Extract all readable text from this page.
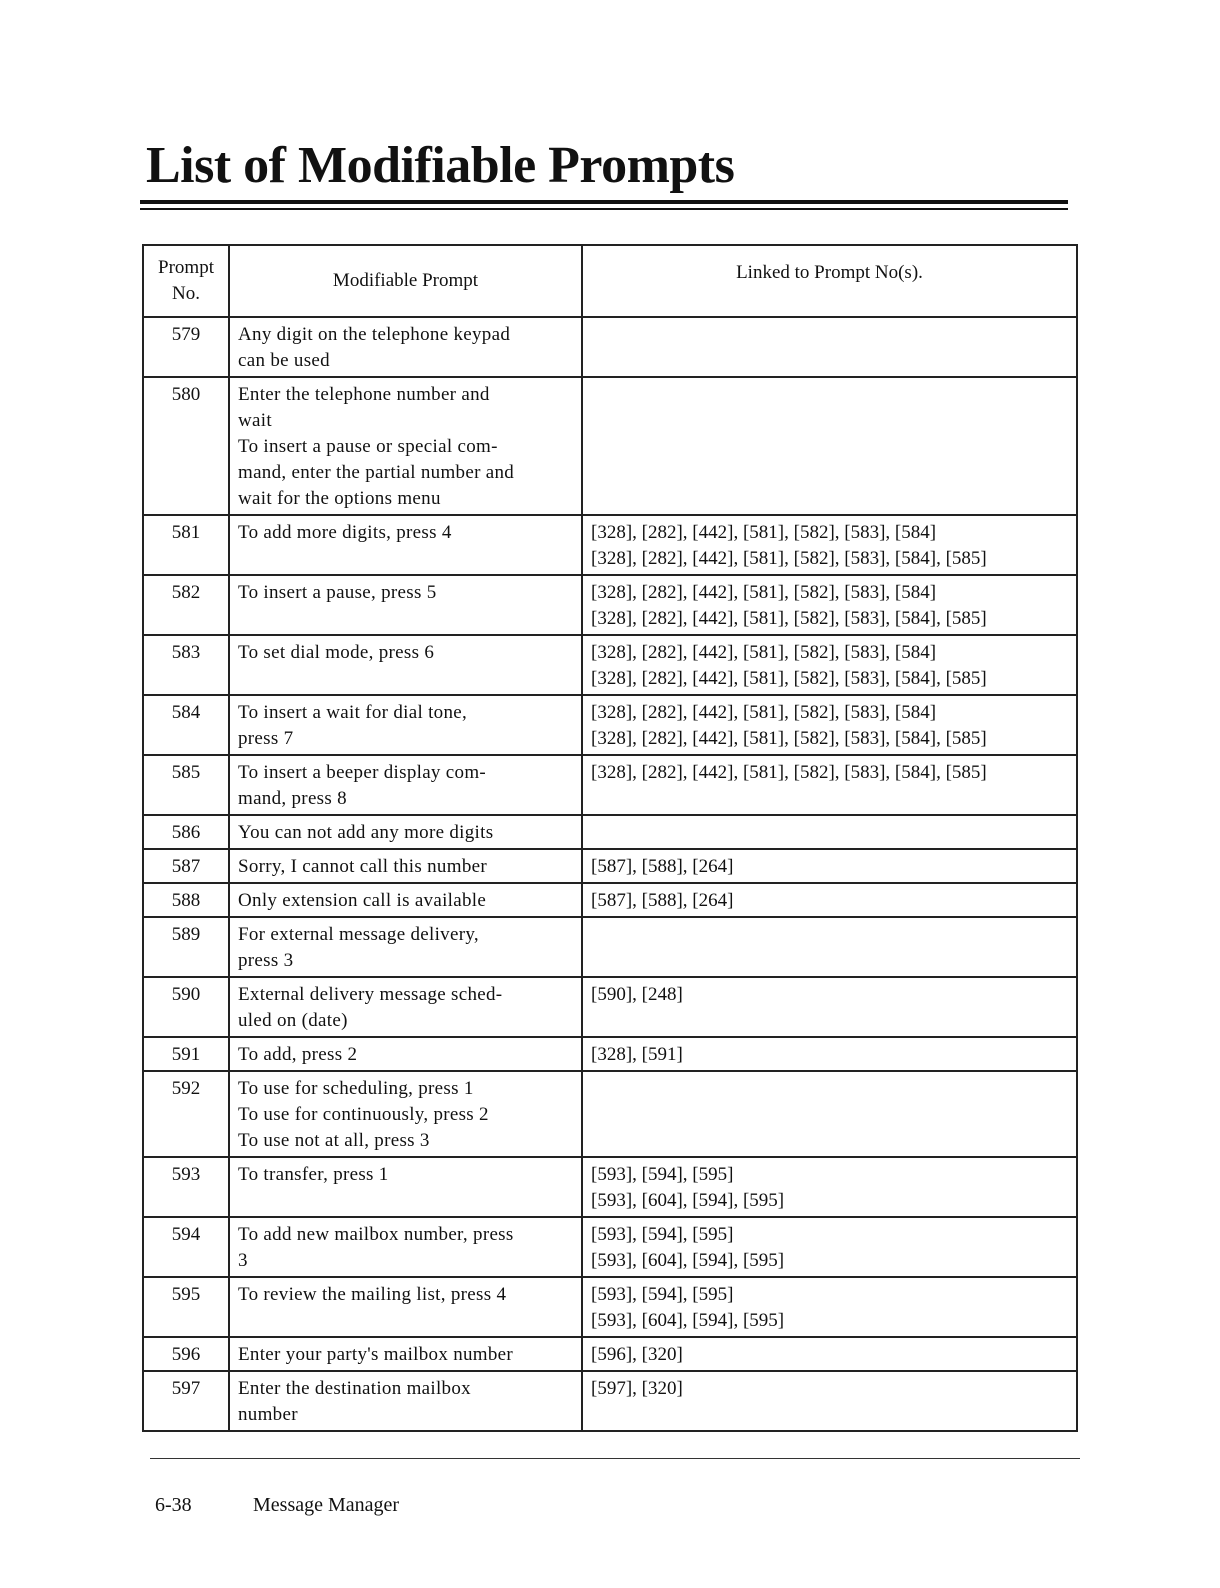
List of Modifiable Prompts
Prompt No.	Modifiable Prompt	Linked to Prompt No(s).
579	Any digit on the telephone keypad
can be used	

580	Enter the telephone number and
wait
To insert a pause or special com-
mand, enter the partial number and
wait for the options menu	

581	To add more digits, press 4	[328], [282], [442], [581], [582], [583], [584]
[328], [282], [442], [581], [582], [583], [584], [585]

582	To insert a pause, press 5	[328], [282], [442], [581], [582], [583], [584]
[328], [282], [442], [581], [582], [583], [584], [585]

583	To set dial mode, press 6	[328], [282], [442], [581], [582], [583], [584]
[328], [282], [442], [581], [582], [583], [584], [585]

584	To insert a wait for dial tone,
press 7	[328], [282], [442], [581], [582], [583], [584]
[328], [282], [442], [581], [582], [583], [584], [585]

585	To insert a beeper display com-
mand, press 8	[328], [282], [442], [581], [582], [583], [584], [585]

586	You can not add any more digits	

587	Sorry, I cannot call this number	[587], [588], [264]

588	Only extension call is available	[587], [588], [264]

589	For external message delivery,
press 3	

590	External delivery message sched-
uled on (date)	[590], [248]

591	To add, press 2	[328], [591]

592	To use for scheduling, press 1
To use for continuously, press 2
To use not at all, press 3	

593	To transfer, press 1	[593], [594], [595]
[593], [604], [594], [595]

594	To add new mailbox number, press
3	[593], [594], [595]
[593], [604], [594], [595]

595	To review the mailing list, press 4	[593], [594], [595]
[593], [604], [594], [595]

596	Enter your party's mailbox number	[596], [320]

597	Enter the destination mailbox
number	[597], [320]
6-38	Message Manager
